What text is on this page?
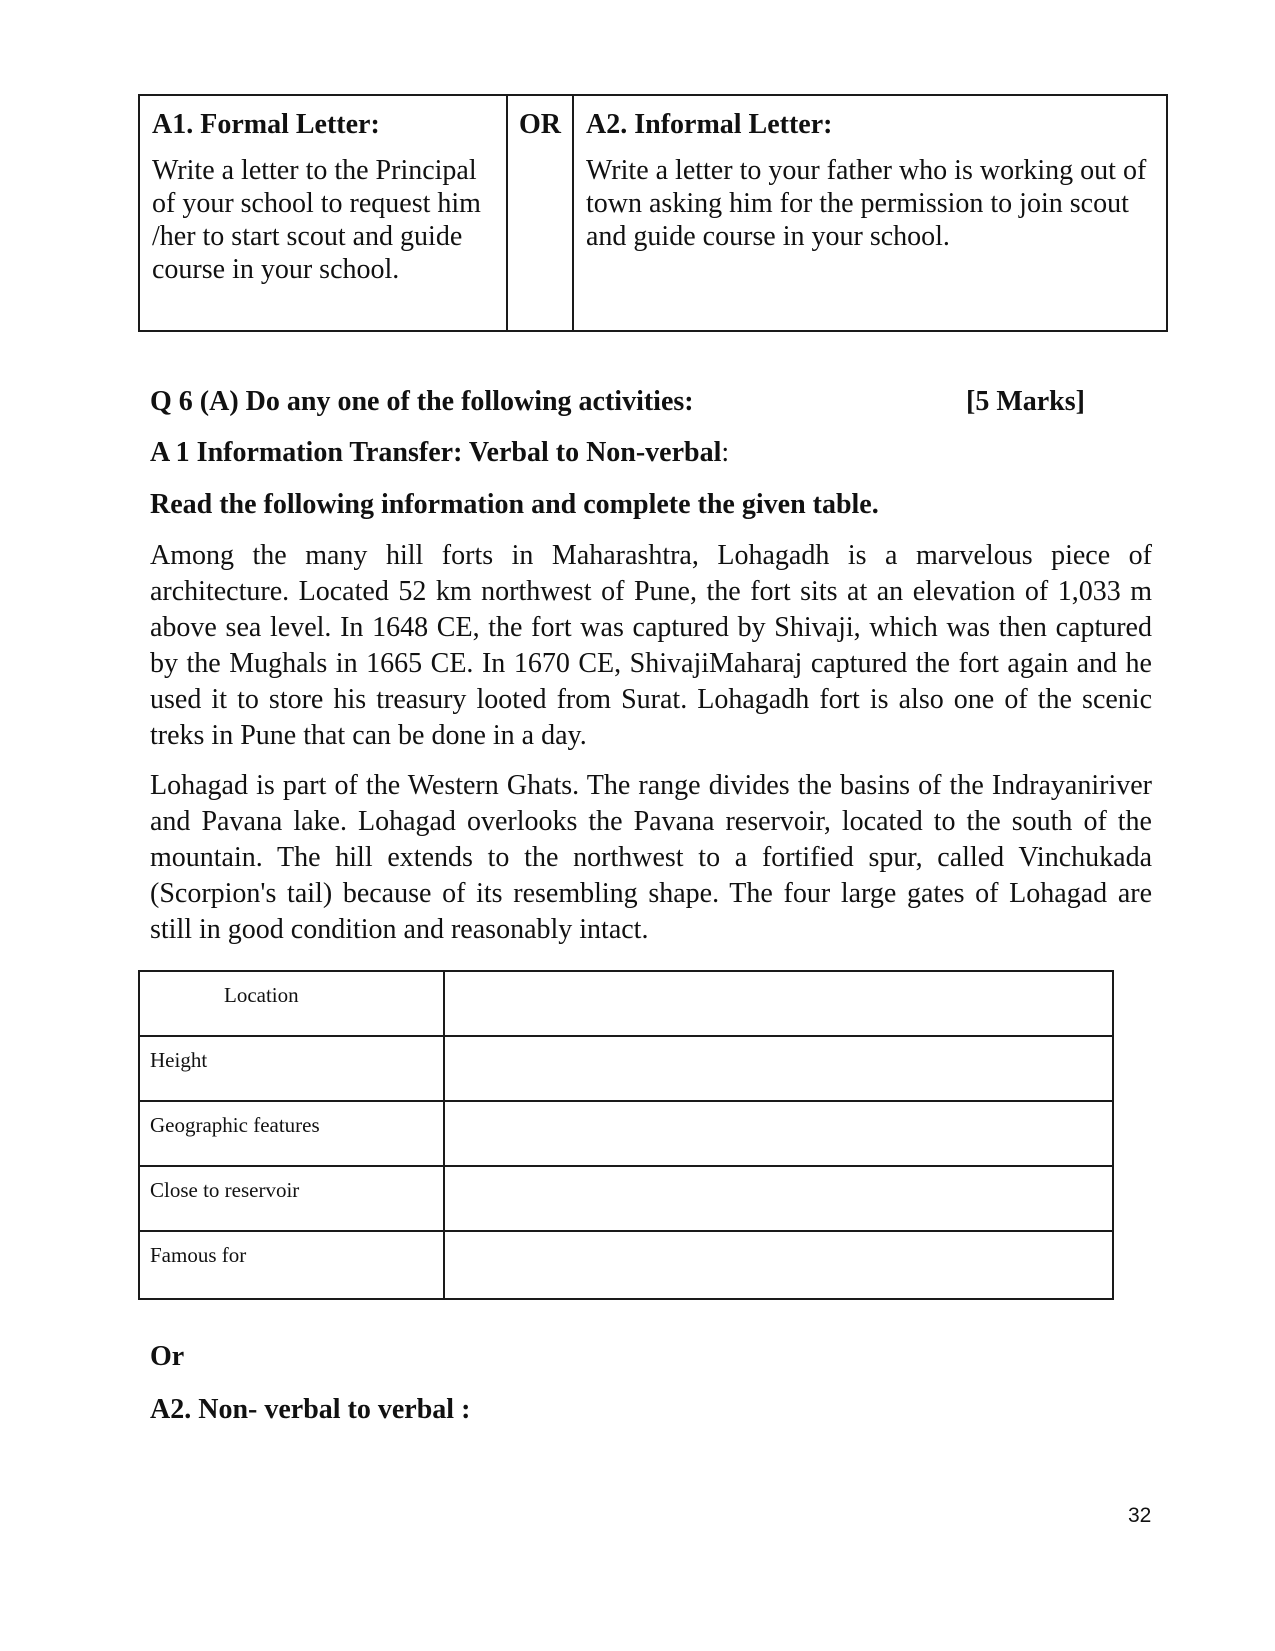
A1. Formal Letter:
Write a letter to the Principal of your school to request him /her to start scout and guide course in your school.
OR A2. Informal Letter:
Write a letter to your father who is working out of town asking him for the permission to join scout and guide course in your school.
Q 6 (A) Do any one of the following activities:	[5 Marks]
A 1 Information Transfer: Verbal to Non-verbal:
Read the following information and complete the given table.
Among the many hill forts in Maharashtra, Lohagadh is a marvelous piece of architecture. Located 52 km northwest of Pune, the fort sits at an elevation of 1,033 m above sea level. In 1648 CE, the fort was captured by Shivaji, which was then captured by the Mughals in 1665 CE. In 1670 CE, ShivajiMaharaj captured the fort again and he used it to store his treasury looted from Surat. Lohagadh fort is also one of the scenic treks in Pune that can be done in a day.
Lohagad is part of the Western Ghats. The range divides the basins of the Indrayaniriver and Pavana lake. Lohagad overlooks the Pavana reservoir, located to the south of the mountain. The hill extends to the northwest to a fortified spur, called Vinchukada (Scorpion's tail) because of its resembling shape. The four large gates of Lohagad are still in good condition and reasonably intact.
Location
Height
Geographic features
Close to reservoir
Famous for
Or
A2. Non- verbal to verbal :
32
